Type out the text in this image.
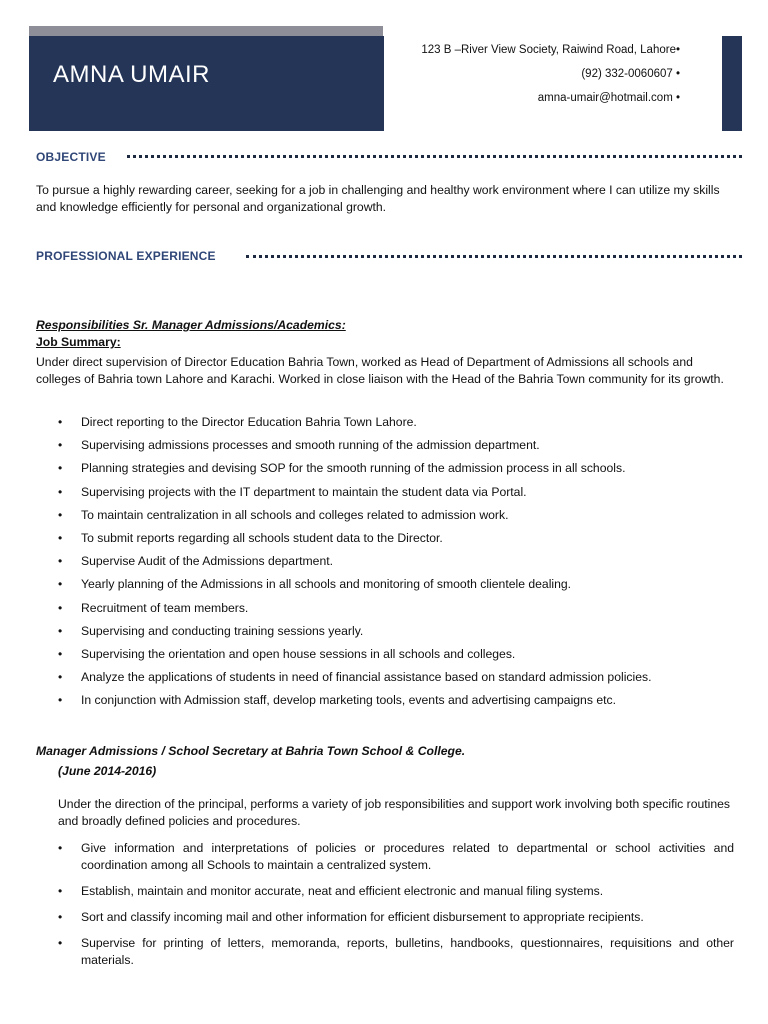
AMNA UMAIR
123 B –River View Society, Raiwind Road, Lahore•
(92) 332-0060607 •
amna-umair@hotmail.com •
OBJECTIVE
To pursue a highly rewarding career, seeking for a job in challenging and healthy work environment where I can utilize my skills and knowledge efficiently for personal and organizational growth.
PROFESSIONAL EXPERIENCE
Responsibilities Sr. Manager Admissions/Academics:
Job Summary:
Under direct supervision of Director Education Bahria Town, worked as Head of Department of Admissions all schools and colleges of Bahria town Lahore and Karachi. Worked in close liaison with the Head of the Bahria Town community for its growth.
• Direct reporting to the Director Education Bahria Town Lahore.
• Supervising admissions processes and smooth running of the admission department.
• Planning strategies and devising SOP for the smooth running of the admission process in all schools.
• Supervising projects with the IT department to maintain the student data via Portal.
• To maintain centralization in all schools and colleges related to admission work.
• To submit reports regarding all schools student data to the Director.
• Supervise Audit of the Admissions department.
• Yearly planning of the Admissions in all schools and monitoring of smooth clientele dealing.
• Recruitment of team members.
• Supervising and conducting training sessions yearly.
• Supervising the orientation and open house sessions in all schools and colleges.
• Analyze the applications of students in need of financial assistance based on standard admission policies.
• In conjunction with Admission staff, develop marketing tools, events and advertising campaigns etc.
Manager Admissions / School Secretary at Bahria Town School & College.
(June 2014-2016)
Under the direction of the principal, performs a variety of job responsibilities and support work involving both specific routines and broadly defined policies and procedures.
• Give information and interpretations of policies or procedures related to departmental or school activities and coordination among all Schools to maintain a centralized system.
• Establish, maintain and monitor accurate, neat and efficient electronic and manual filing systems.
• Sort and classify incoming mail and other information for efficient disbursement to appropriate recipients.
• Supervise for printing of letters, memoranda, reports, bulletins, handbooks, questionnaires, requisitions and other materials.
